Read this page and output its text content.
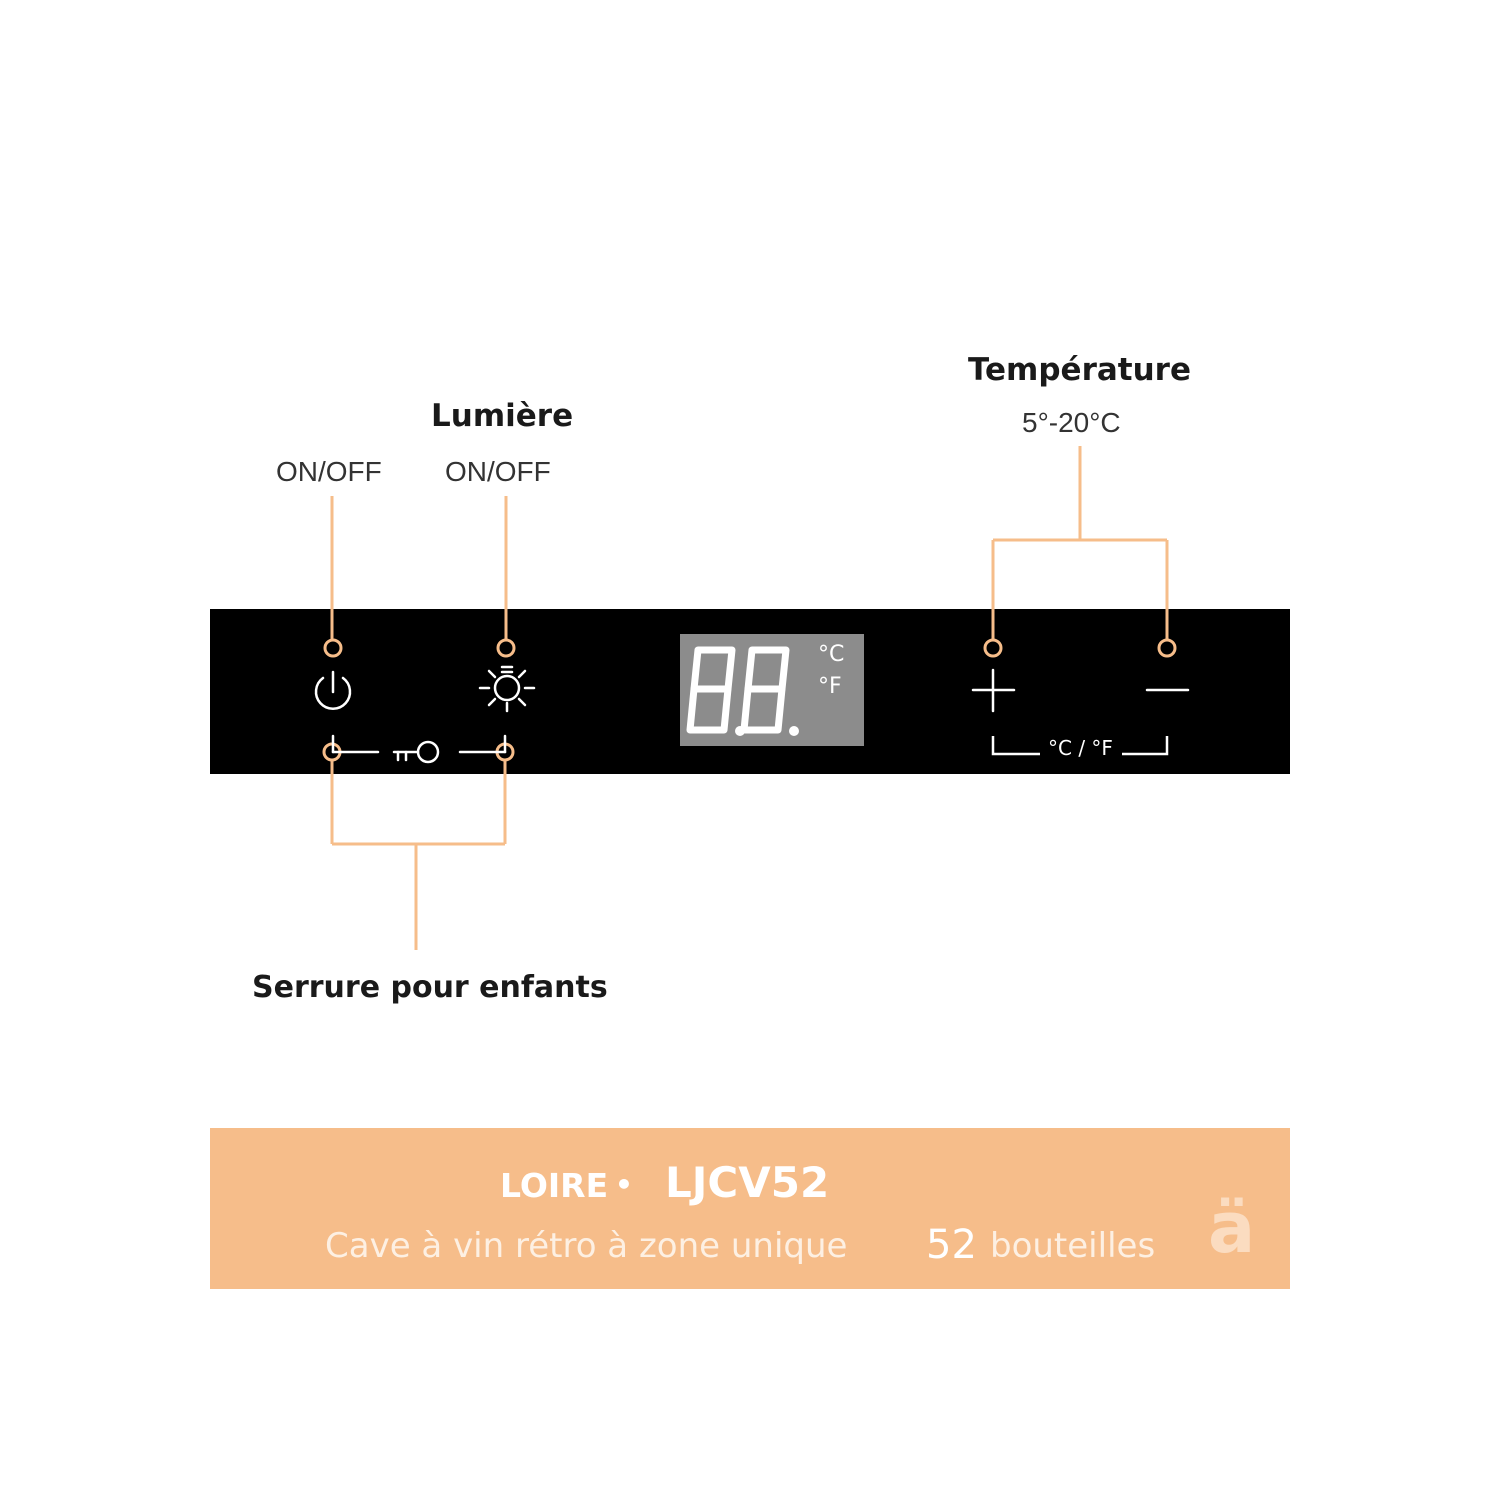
Température
5°-20°C
Lumière
ON/OFF ON/OFF
°C
°F
°C / °F
Serrure pour enfants
LOIRE • LJCV52
Cave à vin rétro à zone unique 52 bouteilles ä
